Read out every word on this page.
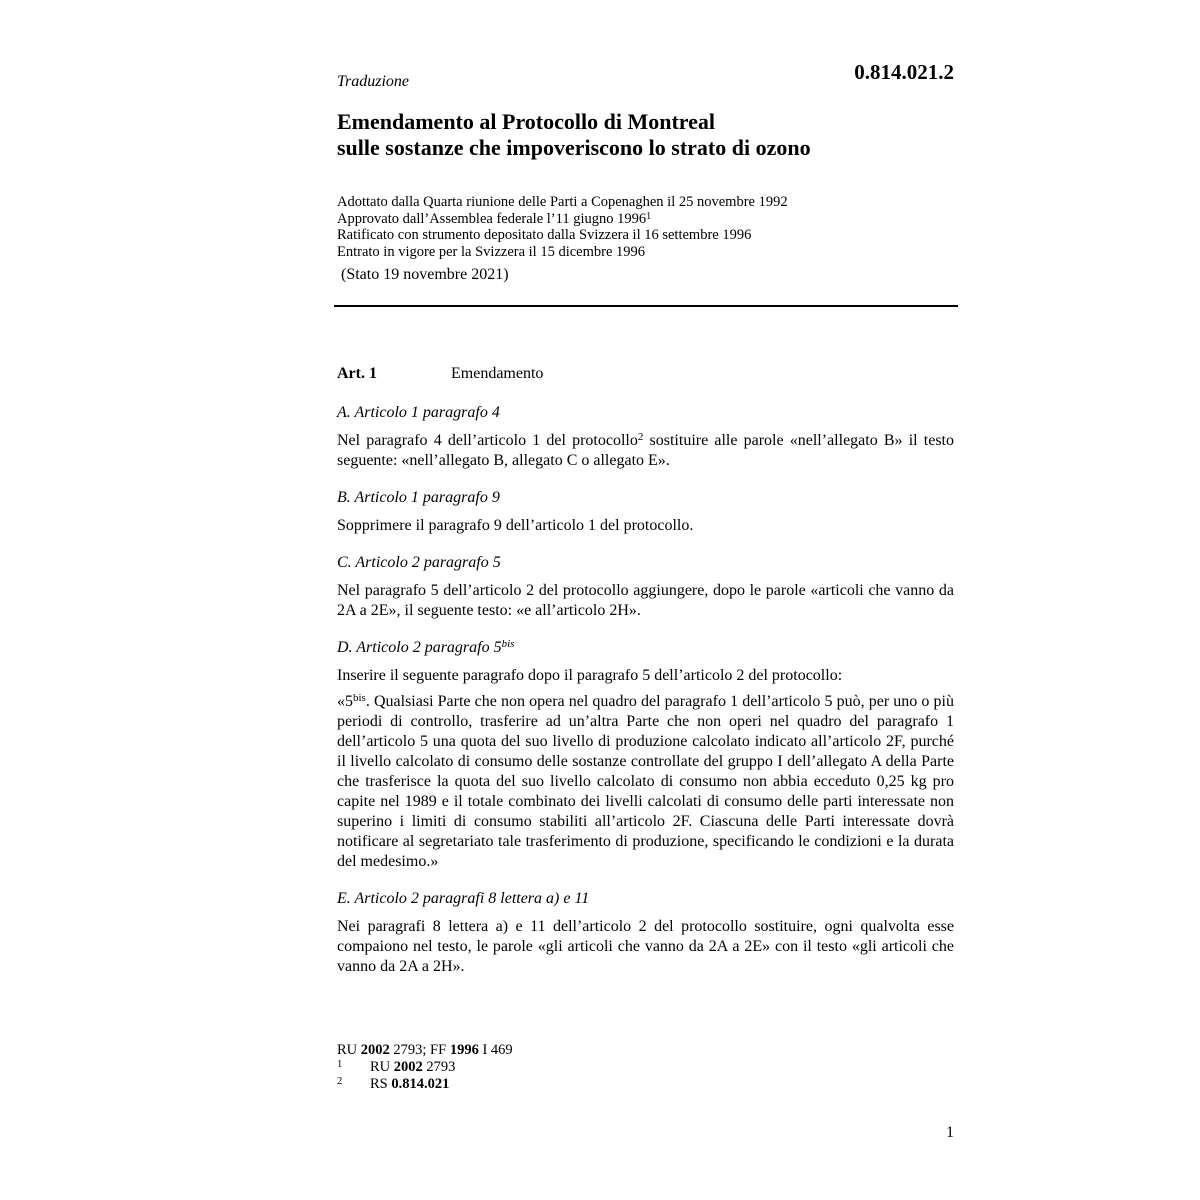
0.814.021.2
Traduzione
Emendamento al Protocollo di Montreal
sulle sostanze che impoveriscono lo strato di ozono
Adottato dalla Quarta riunione delle Parti a Copenaghen il 25 novembre 1992
Approvato dall’Assemblea federale l’11 giugno 1996$^1$
Ratificato con strumento depositato dalla Svizzera il 16 settembre 1996
Entrato in vigore per la Svizzera il 15 dicembre 1996
(Stato 19 novembre 2021)
Art. 1	Emendamento
A. Articolo 1 paragrafo 4
Nel paragrafo 4 dell’articolo 1 del protocollo$^2$ sostituire alle parole «nell’allegato B» il testo seguente: «nell’allegato B, allegato C o allegato E».
B. Articolo 1 paragrafo 9
Sopprimere il paragrafo 9 dell’articolo 1 del protocollo.
C. Articolo 2 paragrafo 5
Nel paragrafo 5 dell’articolo 2 del protocollo aggiungere, dopo le parole «articoli che vanno da 2A a 2E», il seguente testo: «e all’articolo 2H».
D. Articolo 2 paragrafo $5^{bis}$
Inserire il seguente paragrafo dopo il paragrafo 5 dell’articolo 2 del protocollo:
«$5^{bis}$. Qualsiasi Parte che non opera nel quadro del paragrafo 1 dell’articolo 5 può, per uno o più periodi di controllo, trasferire ad un’altra Parte che non operi nel quadro del paragrafo 1 dell’articolo 5 una quota del suo livello di produzione calcolato indicato all’articolo 2F, purché il livello calcolato di consumo delle sostanze controllate del gruppo I dell’allegato A della Parte che trasferisce la quota del suo livello calcolato di consumo non abbia ecceduto 0,25 kg pro capite nel 1989 e il totale combinato dei livelli calcolati di consumo delle parti interessate non superino i limiti di consumo stabiliti all’articolo 2F. Ciascuna delle Parti interessate dovrà notificare al segretariato tale trasferimento di produzione, specificando le condizioni e la durata del medesimo.»
E. Articolo 2 paragrafi 8 lettera a) e 11
Nei paragrafi 8 lettera a) e 11 dell’articolo 2 del protocollo sostituire, ogni qualvolta esse compaiono nel testo, le parole «gli articoli che vanno da 2A a 2E» con il testo «gli articoli che vanno da 2A a 2H».
RU 2002 2793; FF 1996 I 469
1 RU 2002 2793
2 RS 0.814.021
1
